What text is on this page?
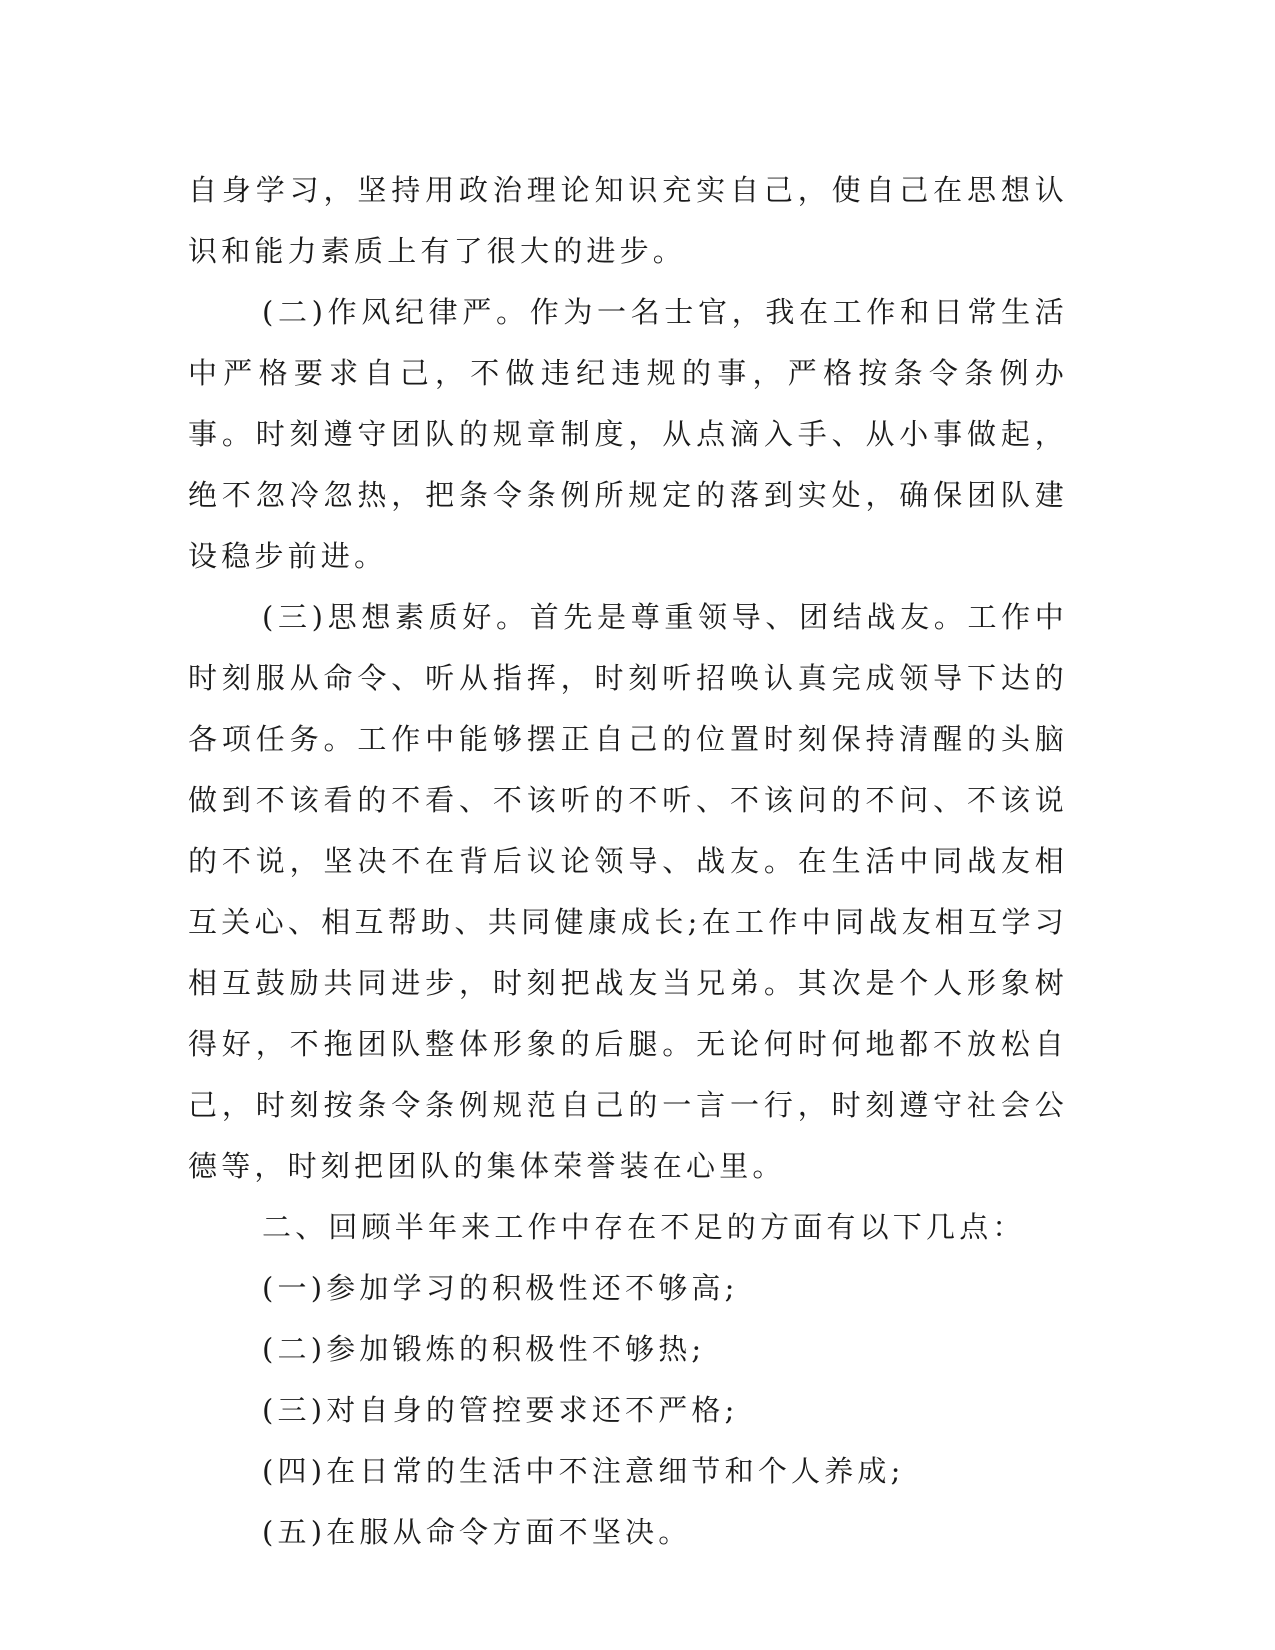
自身学习，坚持用政治理论知识充实自己，使自己在思想认识和能力素质上有了很大的进步。

(二)作风纪律严。作为一名士官，我在工作和日常生活中严格要求自己，不做违纪违规的事，严格按条令条例办事。时刻遵守团队的规章制度，从点滴入手、从小事做起，绝不忽冷忽热，把条令条例所规定的落到实处，确保团队建设稳步前进。

(三)思想素质好。首先是尊重领导、团结战友。工作中时刻服从命令、听从指挥，时刻听招唤认真完成领导下达的各项任务。工作中能够摆正自己的位置时刻保持清醒的头脑做到不该看的不看、不该听的不听、不该问的不问、不该说的不说，坚决不在背后议论领导、战友。在生活中同战友相互关心、相互帮助、共同健康成长;在工作中同战友相互学习相互鼓励共同进步，时刻把战友当兄弟。其次是个人形象树得好，不拖团队整体形象的后腿。无论何时何地都不放松自己，时刻按条令条例规范自己的一言一行，时刻遵守社会公德等，时刻把团队的集体荣誉装在心里。

二、回顾半年来工作中存在不足的方面有以下几点：

(一)参加学习的积极性还不够高;

(二)参加锻炼的积极性不够热;

(三)对自身的管控要求还不严格;

(四)在日常的生活中不注意细节和个人养成;

(五)在服从命令方面不坚决。
